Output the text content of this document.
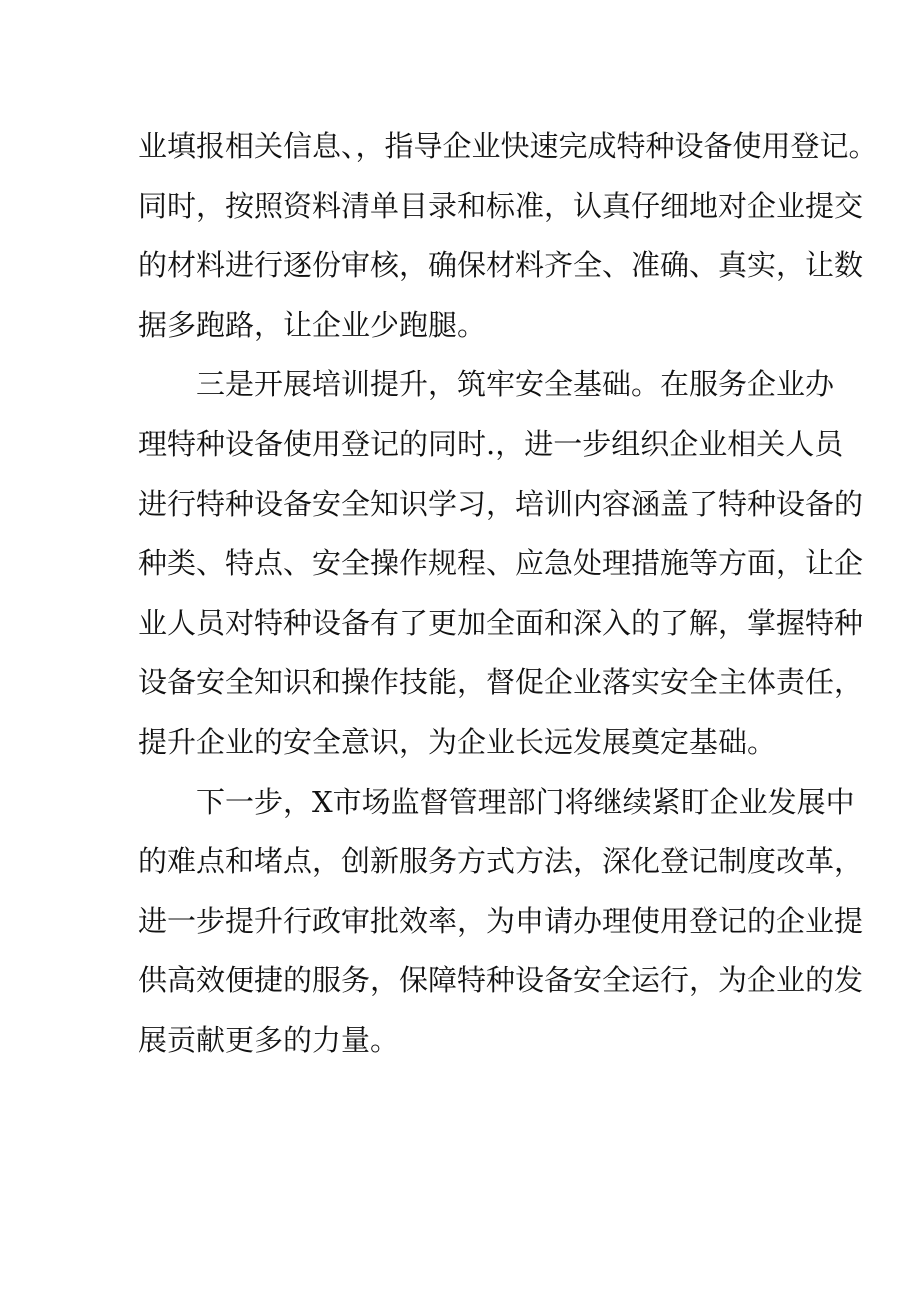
业填报相关信息、，指导企业快速完成特种设备使用登记。
同时，按照资料清单目录和标准，认真仔细地对企业提交
的材料进行逐份审核，确保材料齐全、准确、真实，让数
据多跑路，让企业少跑腿。
三是开展培训提升，筑牢安全基础。在服务企业办
理特种设备使用登记的同时.，进一步组织企业相关人员
进行特种设备安全知识学习，培训内容涵盖了特种设备的
种类、特点、安全操作规程、应急处理措施等方面，让企
业人员对特种设备有了更加全面和深入的了解，掌握特种
设备安全知识和操作技能，督促企业落实安全主体责任，
提升企业的安全意识，为企业长远发展奠定基础。
下一步，X市场监督管理部门将继续紧盯企业发展中
的难点和堵点，创新服务方式方法，深化登记制度改革，
进一步提升行政审批效率，为申请办理使用登记的企业提
供高效便捷的服务，保障特种设备安全运行，为企业的发
展贡献更多的力量。
